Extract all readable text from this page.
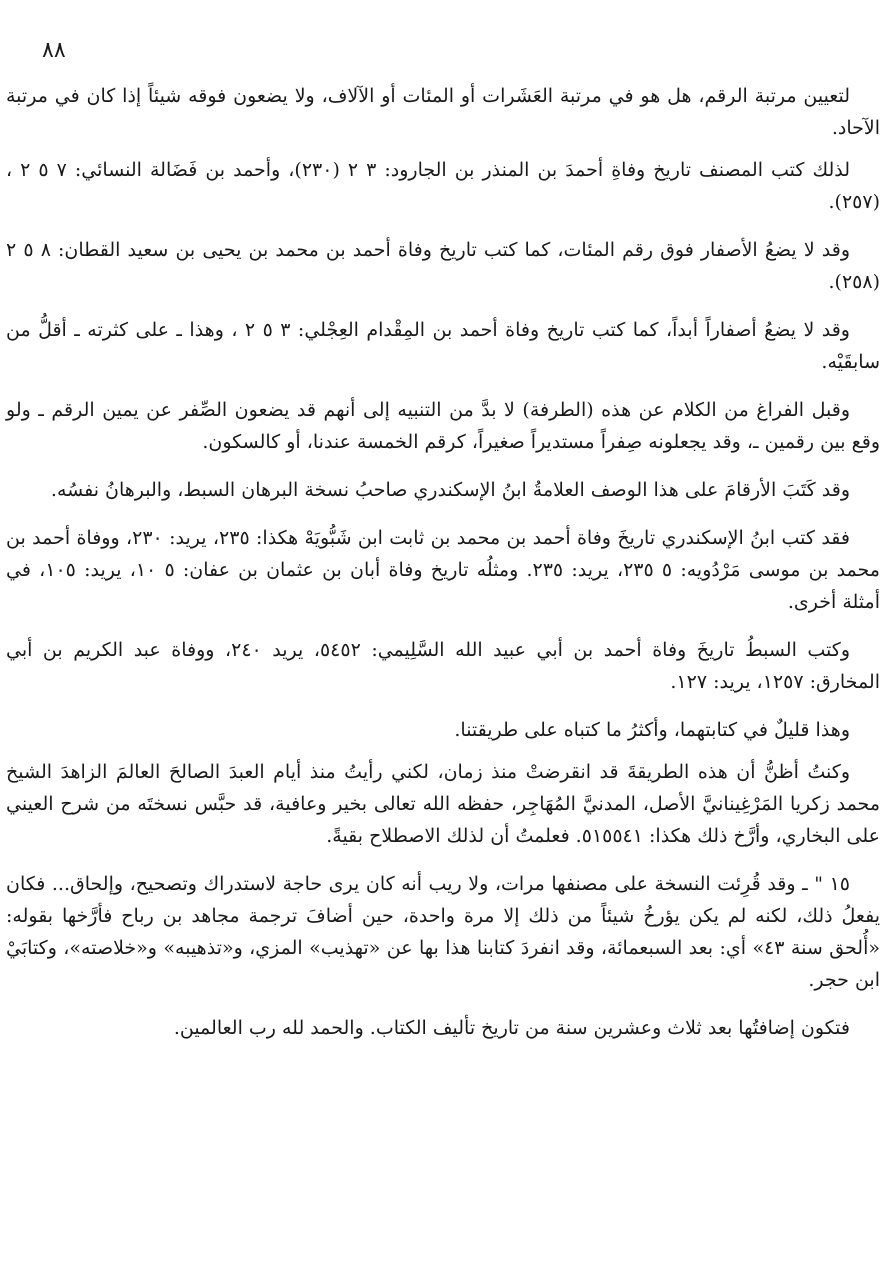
٨٨

لتعيين مرتبة الرقم، هل هو في مرتبة العَشَرات أو المئات أو الآلاف، ولا يضعون فوقه شيئاً إذا كان في مرتبة الآحاد.

لذلك كتب المصنف تاريخ وفاةِ أحمدَ بن المنذر بن الجارود: ٣ ٢ (٢٣٠)، وأحمد بن فَضَالة النسائي: ٧ ٥ ٢ ، (٢٥٧).

وقد لا يضعُ الأصفار فوق رقم المئات، كما كتب تاريخ وفاة أحمد بن محمد بن يحيى بن سعيد القطان: ٨ ٥ ٢ (٢٥٨).

وقد لا يضعُ أصفاراً أبداً، كما كتب تاريخ وفاة أحمد بن المِقْدام العِجْلي: ٣ ٥ ٢ ، وهذا ـ على كثرته ـ أقلُّ من سابقَيْه.

وقبل الفراغ من الكلام عن هذه (الطرفة) لا بدَّ من التنبيه إلى أنهم قد يضعون الصِّفر عن يمين الرقم ـ ولو وقع بين رقمين ـ، وقد يجعلونه صِفراً مستديراً صغيراً، كرقم الخمسة عندنا، أو كالسكون.

وقد كَتَبَ الأرقامَ على هذا الوصف العلامةُ ابنُ الإسكندري صاحبُ نسخة البرهان السبط، والبرهانُ نفسُه.

فقد كتب ابنُ الإسكندري تاريخَ وفاة أحمد بن محمد بن ثابت ابن شَبُّويَهْ هكذا: ٢٣٥، يريد: ٢٣٠، ووفاة أحمد بن محمد بن موسى مَرْدُويه: ٥ ٢٣٥، يريد: ٢٣٥. ومثلُه تاريخ وفاة أبان بن عثمان بن عفان: ٥ ١٠، يريد: ١٠٥، في أمثلة أخرى.

وكتب السبطُ تاريخَ وفاة أحمد بن أبي عبيد الله السَّلِيمي: ٥٤٥٢، يريد ٢٤٠، ووفاة عبد الكريم بن أبي المخارق: ١٢٥٧، يريد: ١٢٧.

وهذا قليلٌ في كتابتهما، وأكثرُ ما كتباه على طريقتنا.

وكنتُ أظنُّ أن هذه الطريقةَ قد انقرضتْ منذ زمان، لكني رأيتُ منذ أيام العبدَ الصالحَ العالمَ الزاهدَ الشيخ محمد زكريا المَرْغِينانيَّ الأصل، المدنيَّ المُهَاجِر، حفظه الله تعالى بخير وعافية، قد حبَّس نسختَه من شرح العيني على البخاري، وأرَّخ ذلك هكذا: ٥١٥٥٤١. فعلمتُ أن لذلك الاصطلاح بقيةً.

١٥ " ـ وقد قُرِئت النسخة على مصنفها مرات، ولا ريب أنه كان يرى حاجة لاستدراك وتصحيح، وإلحاق... فكان يفعلُ ذلك، لكنه لم يكن يؤرخُ شيئاً من ذلك إلا مرة واحدة، حين أضافَ ترجمة مجاهد بن رباح فأرَّخها بقوله: «أُلحق سنة ٤٣» أي: بعد السبعمائة، وقد انفردَ كتابنا هذا بها عن «تهذيب» المزي، و«تذهيبه» و«خلاصته»، وكتابَيْ ابن حجر.

فتكون إضافتُها بعد ثلاث وعشرين سنة من تاريخ تأليف الكتاب. والحمد لله رب العالمين.
